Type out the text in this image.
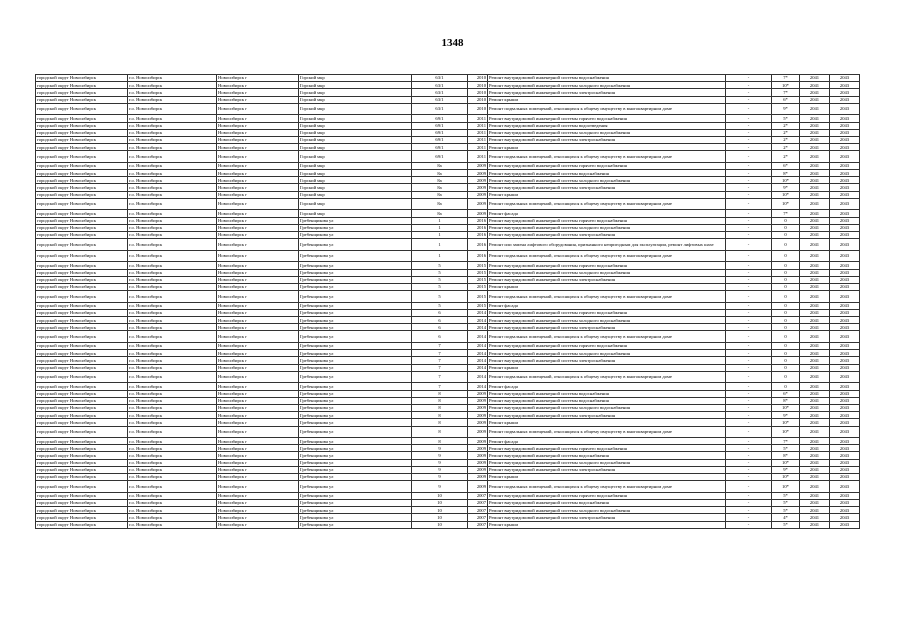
1348
городской округ Новосибирск	г.о. Новосибирск	Новосибирск г	Горский мкр	63/1	2010	Ремонт внутридомовой инженерной системы водоснабжения	-	7*	2041	2043
городской округ Новосибирск	г.о. Новосибирск	Новосибирск г	Горский мкр	63/1	2010	Ремонт внутридомовой инженерной системы холодного водоснабжения	-	10*	2041	2043
городской округ Новосибирск	г.о. Новосибирск	Новосибирск г	Горский мкр	63/1	2010	Ремонт внутридомовой инженерной системы электроснабжения	-	7*	2041	2043
городской округ Новосибирск	г.о. Новосибирск	Новосибирск г	Горский мкр	63/1	2010	Ремонт крыши	-	6*	2041	2043
городской округ Новосибирск	г.о. Новосибирск	Новосибирск г	Горский мкр	63/1	2010	Ремонт подвальных помещений, относящихся к общему имуществу в многоквартирном доме	-	9*	2041	2043
городской округ Новосибирск	г.о. Новосибирск	Новосибирск г	Горский мкр	69/1	2011	Ремонт внутридомовой инженерной системы горячего водоснабжения	-	5*	2041	2043
городской округ Новосибирск	г.о. Новосибирск	Новосибирск г	Горский мкр	69/1	2011	Ремонт внутридомовой инженерной системы водоотведения	-	2*	2041	2043
городской округ Новосибирск	г.о. Новосибирск	Новосибирск г	Горский мкр	69/1	2011	Ремонт внутридомовой инженерной системы холодного водоснабжения	-	2*	2041	2043
городской округ Новосибирск	г.о. Новосибирск	Новосибирск г	Горский мкр	69/1	2011	Ремонт внутридомовой инженерной системы электроснабжения	-	2*	2041	2043
городской округ Новосибирск	г.о. Новосибирск	Новосибирск г	Горский мкр	69/1	2011	Ремонт крыши	-	2*	2041	2043
городской округ Новосибирск	г.о. Новосибирск	Новосибирск г	Горский мкр	69/1	2011	Ремонт подвальных помещений, относящихся к общему имуществу в многоквартирном доме	-	2*	2041	2043
городской округ Новосибирск	г.о. Новосибирск	Новосибирск г	Горский мкр	8а	2009	Ремонт внутридомовой инженерной системы горячего водоснабжения	-	6*	2041	2043
городской округ Новосибирск	г.о. Новосибирск	Новосибирск г	Горский мкр	8а	2009	Ремонт внутридомовой инженерной системы водоснабжения	-	8*	2041	2043
городской округ Новосибирск	г.о. Новосибирск	Новосибирск г	Горский мкр	8а	2009	Ремонт внутридомовой инженерной системы холодного водоснабжения	-	10*	2041	2043
городской округ Новосибирск	г.о. Новосибирск	Новосибирск г	Горский мкр	8а	2009	Ремонт внутридомовой инженерной системы электроснабжения	-	9*	2041	2043
городской округ Новосибирск	г.о. Новосибирск	Новосибирск г	Горский мкр	8а	2009	Ремонт крыши	-	10*	2041	2043
городской округ Новосибирск	г.о. Новосибирск	Новосибирск г	Горский мкр	8а	2009	Ремонт подвальных помещений, относящихся к общему имуществу в многоквартирном доме	-	10*	2041	2043
городской округ Новосибирск	г.о. Новосибирск	Новосибирск г	Горский мкр	8а	2009	Ремонт фасада	-	7*	2041	2043
городской округ Новосибирск	г.о. Новосибирск	Новосибирск г	Гребенщикова ул	1	2016	Ремонт внутридомовой инженерной системы горячего водоснабжения	-	0	2041	2043
городской округ Новосибирск	г.о. Новосибирск	Новосибирск г	Гребенщикова ул	1	2016	Ремонт внутридомовой инженерной системы холодного водоснабжения	-	0	2041	2043
городской округ Новосибирск	г.о. Новосибирск	Новосибирск г	Гребенщикова ул	1	2016	Ремонт внутридомовой инженерной системы электроснабжения	-	0	2041	2043
городской округ Новосибирск	г.о. Новосибирск	Новосибирск г	Гребенщикова ул	1	2016	Ремонт или замена лифтового оборудования, признанного непригодным для эксплуатации, ремонт лифтовых шахт	-	0	2041	2043
городской округ Новосибирск	г.о. Новосибирск	Новосибирск г	Гребенщикова ул	1	2016	Ремонт подвальных помещений, относящихся к общему имуществу в многоквартирном доме	-	0	2041	2043
городской округ Новосибирск	г.о. Новосибирск	Новосибирск г	Гребенщикова ул	5	2015	Ремонт внутридомовой инженерной системы горячего водоснабжения	-	0	2041	2043
городской округ Новосибирск	г.о. Новосибирск	Новосибирск г	Гребенщикова ул	5	2015	Ремонт внутридомовой инженерной системы холодного водоснабжения	-	0	2041	2043
городской округ Новосибирск	г.о. Новосибирск	Новосибирск г	Гребенщикова ул	5	2015	Ремонт внутридомовой инженерной системы электроснабжения	-	0	2041	2043
городской округ Новосибирск	г.о. Новосибирск	Новосибирск г	Гребенщикова ул	5	2015	Ремонт крыши	-	0	2041	2043
городской округ Новосибирск	г.о. Новосибирск	Новосибирск г	Гребенщикова ул	5	2015	Ремонт подвальных помещений, относящихся к общему имуществу в многоквартирном доме	-	0	2041	2043
городской округ Новосибирск	г.о. Новосибирск	Новосибирск г	Гребенщикова ул	5	2015	Ремонт фасада	-	0	2041	2043
городской округ Новосибирск	г.о. Новосибирск	Новосибирск г	Гребенщикова ул	6	2014	Ремонт внутридомовой инженерной системы горячего водоснабжения	-	0	2041	2043
городской округ Новосибирск	г.о. Новосибирск	Новосибирск г	Гребенщикова ул	6	2014	Ремонт внутридомовой инженерной системы холодного водоснабжения	-	0	2041	2043
городской округ Новосибирск	г.о. Новосибирск	Новосибирск г	Гребенщикова ул	6	2014	Ремонт внутридомовой инженерной системы электроснабжения	-	0	2041	2043
городской округ Новосибирск	г.о. Новосибирск	Новосибирск г	Гребенщикова ул	6	2014	Ремонт подвальных помещений, относящихся к общему имуществу в многоквартирном доме	-	0	2041	2043
городской округ Новосибирск	г.о. Новосибирск	Новосибирск г	Гребенщикова ул	7	2014	Ремонт внутридомовой инженерной системы горячего водоснабжения	-	0	2041	2043
городской округ Новосибирск	г.о. Новосибирск	Новосибирск г	Гребенщикова ул	7	2014	Ремонт внутридомовой инженерной системы холодного водоснабжения	-	0	2041	2043
городской округ Новосибирск	г.о. Новосибирск	Новосибирск г	Гребенщикова ул	7	2014	Ремонт внутридомовой инженерной системы электроснабжения	-	0	2041	2043
городской округ Новосибирск	г.о. Новосибирск	Новосибирск г	Гребенщикова ул	7	2014	Ремонт крыши	-	0	2041	2043
городской округ Новосибирск	г.о. Новосибирск	Новосибирск г	Гребенщикова ул	7	2014	Ремонт подвальных помещений, относящихся к общему имуществу в многоквартирном доме	-	0	2041	2043
городской округ Новосибирск	г.о. Новосибирск	Новосибирск г	Гребенщикова ул	7	2014	Ремонт фасада	-	0	2041	2043
городской округ Новосибирск	г.о. Новосибирск	Новосибирск г	Гребенщикова ул	8	2009	Ремонт внутридомовой инженерной системы водоснабжения	-	6*	2041	2043
городской округ Новосибирск	г.о. Новосибирск	Новосибирск г	Гребенщикова ул	8	2009	Ремонт внутридомовой инженерной системы водоснабжения	-	8*	2041	2043
городской округ Новосибирск	г.о. Новосибирск	Новосибирск г	Гребенщикова ул	8	2009	Ремонт внутридомовой инженерной системы холодного водоснабжения	-	10*	2041	2043
городской округ Новосибирск	г.о. Новосибирск	Новосибирск г	Гребенщикова ул	8	2009	Ремонт внутридомовой инженерной системы электроснабжения	-	9*	2041	2043
городской округ Новосибирск	г.о. Новосибирск	Новосибирск г	Гребенщикова ул	8	2009	Ремонт крыши	-	10*	2041	2043
городской округ Новосибирск	г.о. Новосибирск	Новосибирск г	Гребенщикова ул	8	2009	Ремонт подвальных помещений, относящихся к общему имуществу в многоквартирном доме	-	10*	2041	2043
городской округ Новосибирск	г.о. Новосибирск	Новосибирск г	Гребенщикова ул	8	2009	Ремонт фасада	-	7*	2041	2043
городской округ Новосибирск	г.о. Новосибирск	Новосибирск г	Гребенщикова ул	9	2009	Ремонт внутридомовой инженерной системы горячего водоснабжения	-	5*	2041	2043
городской округ Новосибирск	г.о. Новосибирск	Новосибирск г	Гребенщикова ул	9	2009	Ремонт внутридомовой инженерной системы водоснабжения	-	8*	2041	2043
городской округ Новосибирск	г.о. Новосибирск	Новосибирск г	Гребенщикова ул	9	2009	Ремонт внутридомовой инженерной системы холодного водоснабжения	-	10*	2041	2043
городской округ Новосибирск	г.о. Новосибирск	Новосибирск г	Гребенщикова ул	9	2009	Ремонт внутридомовой инженерной системы электроснабжения	-	9*	2041	2043
городской округ Новосибирск	г.о. Новосибирск	Новосибирск г	Гребенщикова ул	9	2009	Ремонт крыши	-	10*	2041	2043
городской округ Новосибирск	г.о. Новосибирск	Новосибирск г	Гребенщикова ул	9	2009	Ремонт подвальных помещений, относящихся к общему имуществу в многоквартирном доме	-	10*	2041	2043
городской округ Новосибирск	г.о. Новосибирск	Новосибирск г	Гребенщикова ул	10	2007	Ремонт внутридомовой инженерной системы горячего водоснабжения	-	5*	2041	2043
городской округ Новосибирск	г.о. Новосибирск	Новосибирск г	Гребенщикова ул	10	2007	Ремонт внутридомовой инженерной системы водоснабжения	-	5*	2041	2043
городской округ Новосибирск	г.о. Новосибирск	Новосибирск г	Гребенщикова ул	10	2007	Ремонт внутридомовой инженерной системы холодного водоснабжения	-	5*	2041	2043
городской округ Новосибирск	г.о. Новосибирск	Новосибирск г	Гребенщикова ул	10	2007	Ремонт внутридомовой инженерной системы электроснабжения	-	4*	2041	2043
городской округ Новосибирск	г.о. Новосибирск	Новосибирск г	Гребенщикова ул	10	2007	Ремонт крыши	-	5*	2041	2043
